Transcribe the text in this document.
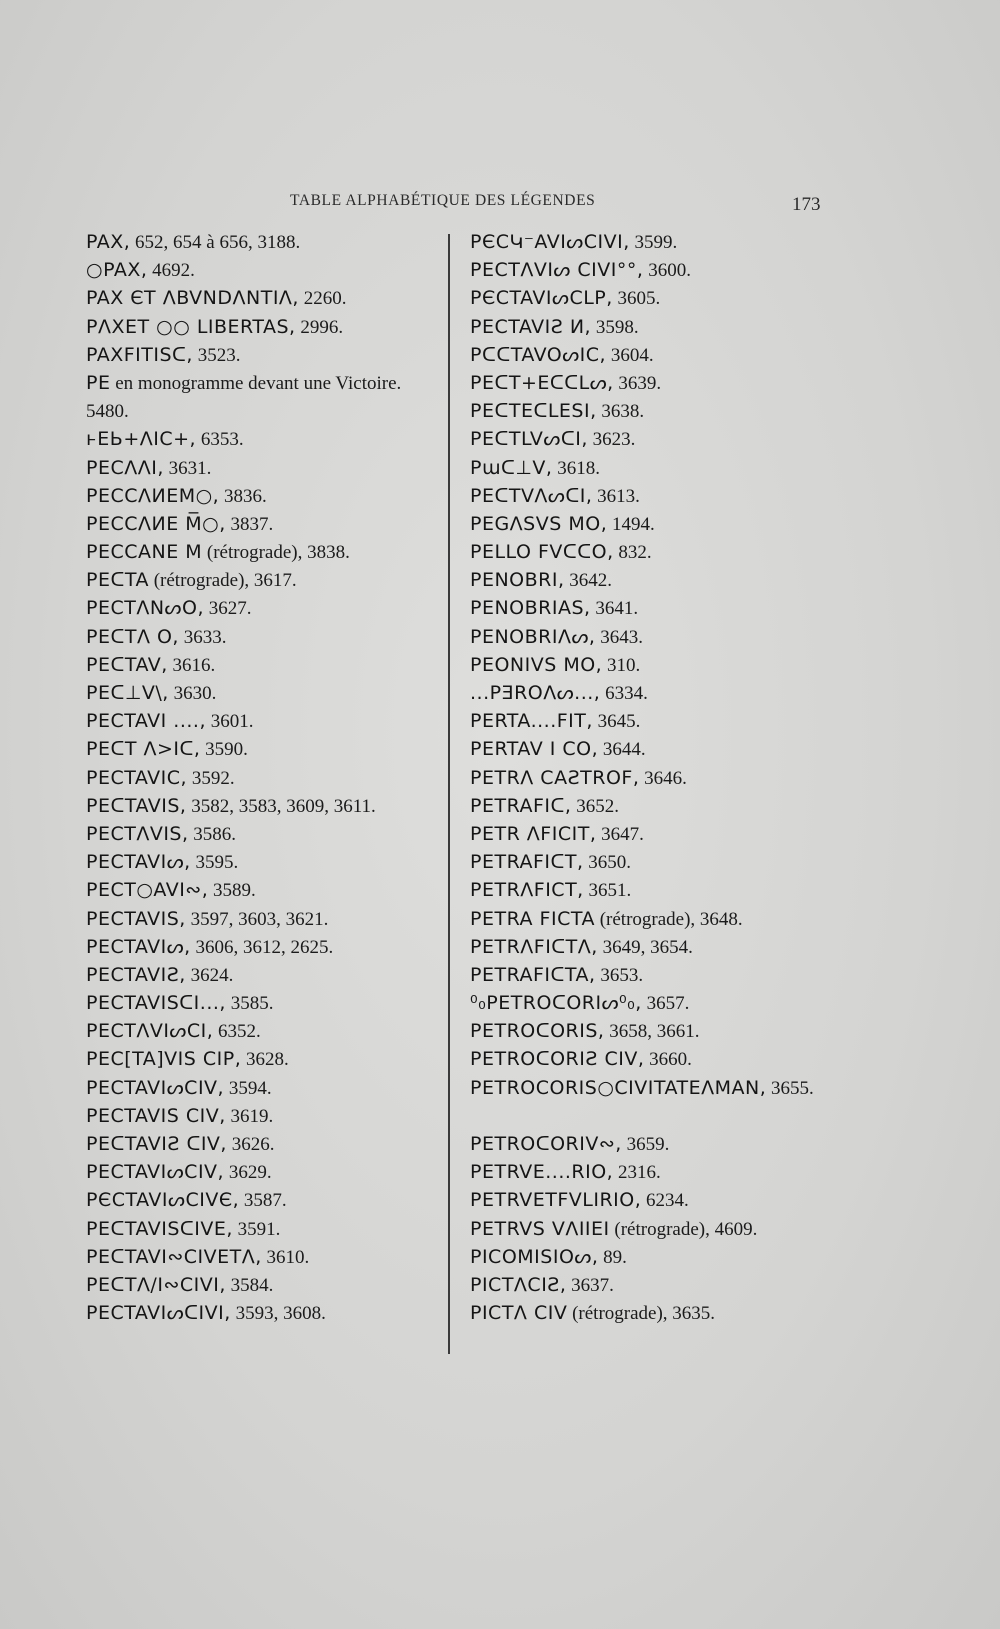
TABLE ALPHABÉTIQUE DES LÉGENDES	173
PAX, 652, 654 à 656, 3188.
○PAX, 4692.
PAX ЄT ΛBVNDΛNTIΛ, 2260.
PΛXET ○○ LIBERTAS, 2996.
PAXFITISᑕ, 3523.
PE en monogramme devant une Victoire. 5480.
ⱶEЬ+ΛIC+, 6353.
PECΛΛI, 3631.
PECCΛИEM○, 3836.
PECCΛИE M̅○, 3837.
PECCANE M (rétrograde), 3838.
PEᑕTA (rétrograde), 3617.
PECTΛNᔕO, 3627.
PEᑕTΛ O, 3633.
PEᑕTAV, 3616.
PEᑕ⊥V\, 3630.
PECTAVI ...., 3601.
PEᑕT Λ>Iᑕ, 3590.
PECTAVIC, 3592.
PEᑕTAVIS, 3582, 3583, 3609, 3611.
PECTΛVIS, 3586.
PECTAVIᔕ, 3595.
PECT○AVI∾, 3589.
PECTAVIS, 3597, 3603, 3621.
PECTAVIᔕ, 3606, 3612, 2625.
PECTAVIƧ, 3624.
PECTAVISᑕI..., 3585.
PECTΛVIᔕCI, 6352.
PEC[TA]VIS CIP, 3628.
PECTAVIᔕCIV, 3594.
PECTAVIS CIV, 3619.
PEᑕTAVIƧ ᑕIV, 3626.
PECTAVIᔕCIV, 3629.
PЄCTAVIᔕCIVЄ, 3587.
PEᑕTAVISᑕIVE, 3591.
PEᑕTAVI∾CIVETΛ, 3610.
PEᑕTΛ/I∾CIVI, 3584.
PECTAVIᔕᑕIVI, 3593, 3608.
PЄCԿ⁻AVIᔕCIVI, 3599.
PECTΛVIᔕ CIVI°°, 3600.
PЄCTAVIᔕCLP, 3605.
PECTAVIƧ И, 3598.
PᑕᑕTAVOᔕIC, 3604.
PEᑕT+EᑕᑕLᔕ, 3639.
PEᑕTEᑕLESI, 3638.
PEᑕTLVᔕᑕI, 3623.
Pɯᑕ⊥V, 3618.
PEᑕTVΛᔕᑕI, 3613.
PEGΛSVS MO, 1494.
PELLO FVᑕᑕO, 832.
PENOBRI, 3642.
PENOBRIAS, 3641.
PENOBRIΛᔕ, 3643.
PEONIVS MO, 310.
...PƎROΛᔕ..., 6334.
PERTA....FIT, 3645.
PERTAV I CO, 3644.
PETRΛ CAƧTROF, 3646.
PETRAFIᑕ, 3652.
PETR ΛFICIT, 3647.
PETRAFIᑕT, 3650.
PETRΛFICT, 3651.
PETRA FICTA (rétrograde), 3648.
PETRΛFIᑕTΛ, 3649, 3654.
PETRAFIᑕTA, 3653.
⁰₀PETROᑕORIᔕ⁰₀, 3657.
PETROᑕORIS, 3658, 3661.
PETROᑕORIƧ CIV, 3660.
PETROCORIS○CIVITATEΛMAN, 3655.
PETROᑕORIV∾, 3659.
PETRVE....RIO, 2316.
PETRVETFVLIRIO, 6234.
PETRVS VΛIIEI (rétrograde), 4609.
PICOMISIOᔕ, 89.
PICTΛCIƧ, 3637.
PICTΛ CIV (rétrograde), 3635.
